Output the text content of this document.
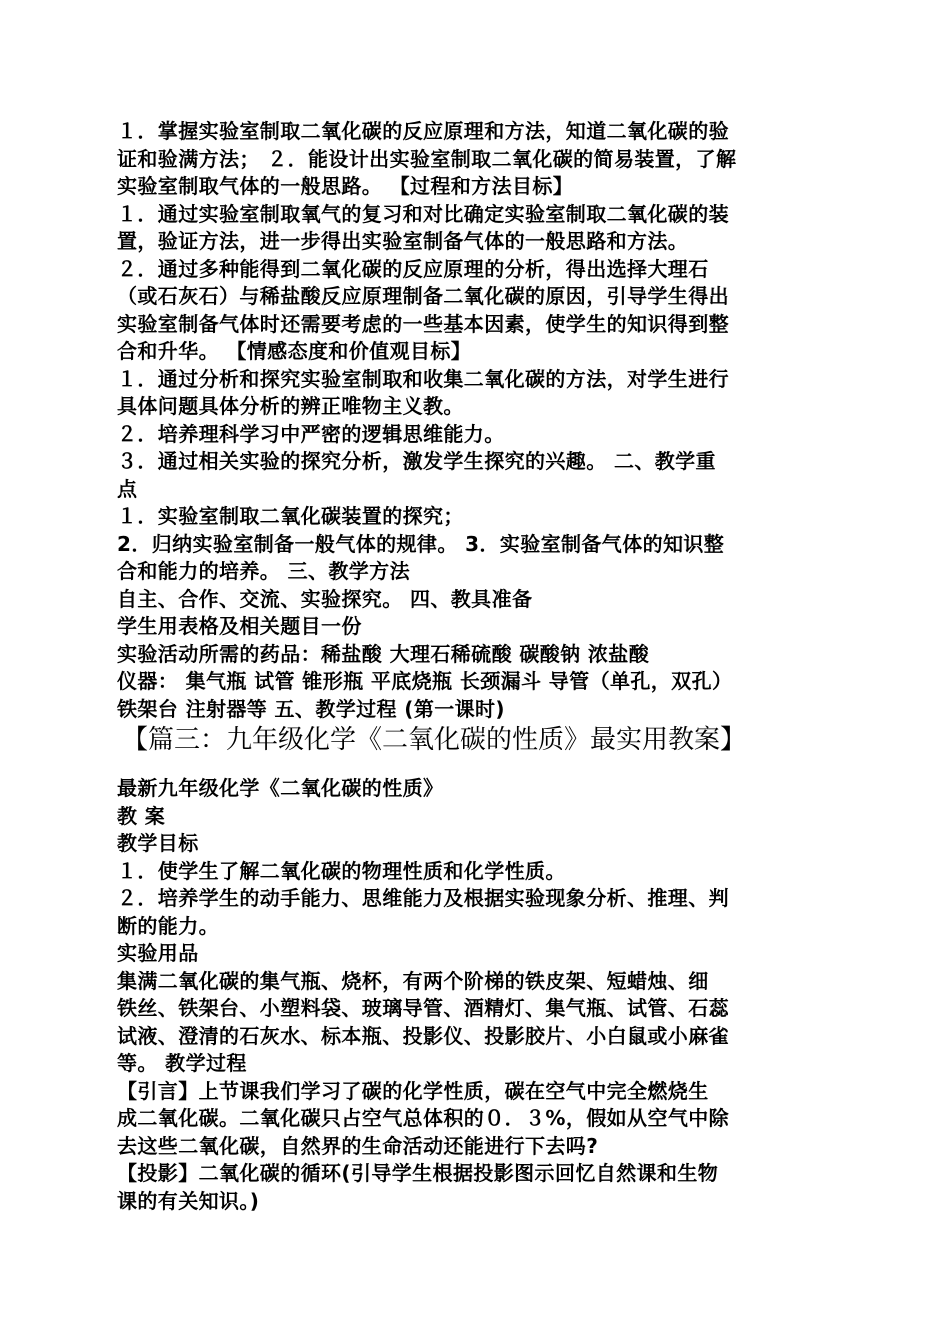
１．掌握实验室制取二氧化碳的反应原理和方法，知道二氧化碳的验
证和验满方法； ２．能设计出实验室制取二氧化碳的简易装置，了解
实验室制取气体的一般思路。 【过程和方法目标】
１．通过实验室制取氧气的复习和对比确定实验室制取二氧化碳的装
置，验证方法，进一步得出实验室制备气体的一般思路和方法。
２．通过多种能得到二氧化碳的反应原理的分析，得出选择大理石
（或石灰石）与稀盐酸反应原理制备二氧化碳的原因，引导学生得出
实验室制备气体时还需要考虑的一些基本因素，使学生的知识得到整
合和升华。 【情感态度和价值观目标】
１．通过分析和探究实验室制取和收集二氧化碳的方法，对学生进行
具体问题具体分析的辨正唯物主义教。
２．培养理科学习中严密的逻辑思维能力。
３．通过相关实验的探究分析，激发学生探究的兴趣。 二、教学重
点
１．实验室制取二氧化碳装置的探究；
2．归纳实验室制备一般气体的规律。 3．实验室制备气体的知识整
合和能力的培养。 三、教学方法
自主、合作、交流、实验探究。 四、教具准备
学生用表格及相关题目一份
实验活动所需的药品：稀盐酸 大理石稀硫酸 碳酸钠 浓盐酸
仪器： 集气瓶 试管 锥形瓶 平底烧瓶 长颈漏斗 导管（单孔，双孔）
铁架台 注射器等 五、教学过程 (第一课时)
【篇三：九年级化学《二氧化碳的性质》最实用教案】
最新九年级化学《二氧化碳的性质》
教 案
教学目标
１．使学生了解二氧化碳的物理性质和化学性质。
２．培养学生的动手能力、思维能力及根据实验现象分析、推理、判
断的能力。
实验用品
集满二氧化碳的集气瓶、烧杯，有两个阶梯的铁皮架、短蜡烛、细
铁丝、铁架台、小塑料袋、玻璃导管、酒精灯、集气瓶、试管、石蕊
试液、澄清的石灰水、标本瓶、投影仪、投影胶片、小白鼠或小麻雀
等。 教学过程
【引言】上节课我们学习了碳的化学性质，碳在空气中完全燃烧生
成二氧化碳。二氧化碳只占空气总体积的０．３%，假如从空气中除
去这些二氧化碳，自然界的生命活动还能进行下去吗?
【投影】二氧化碳的循环(引导学生根据投影图示回忆自然课和生物
课的有关知识。)
